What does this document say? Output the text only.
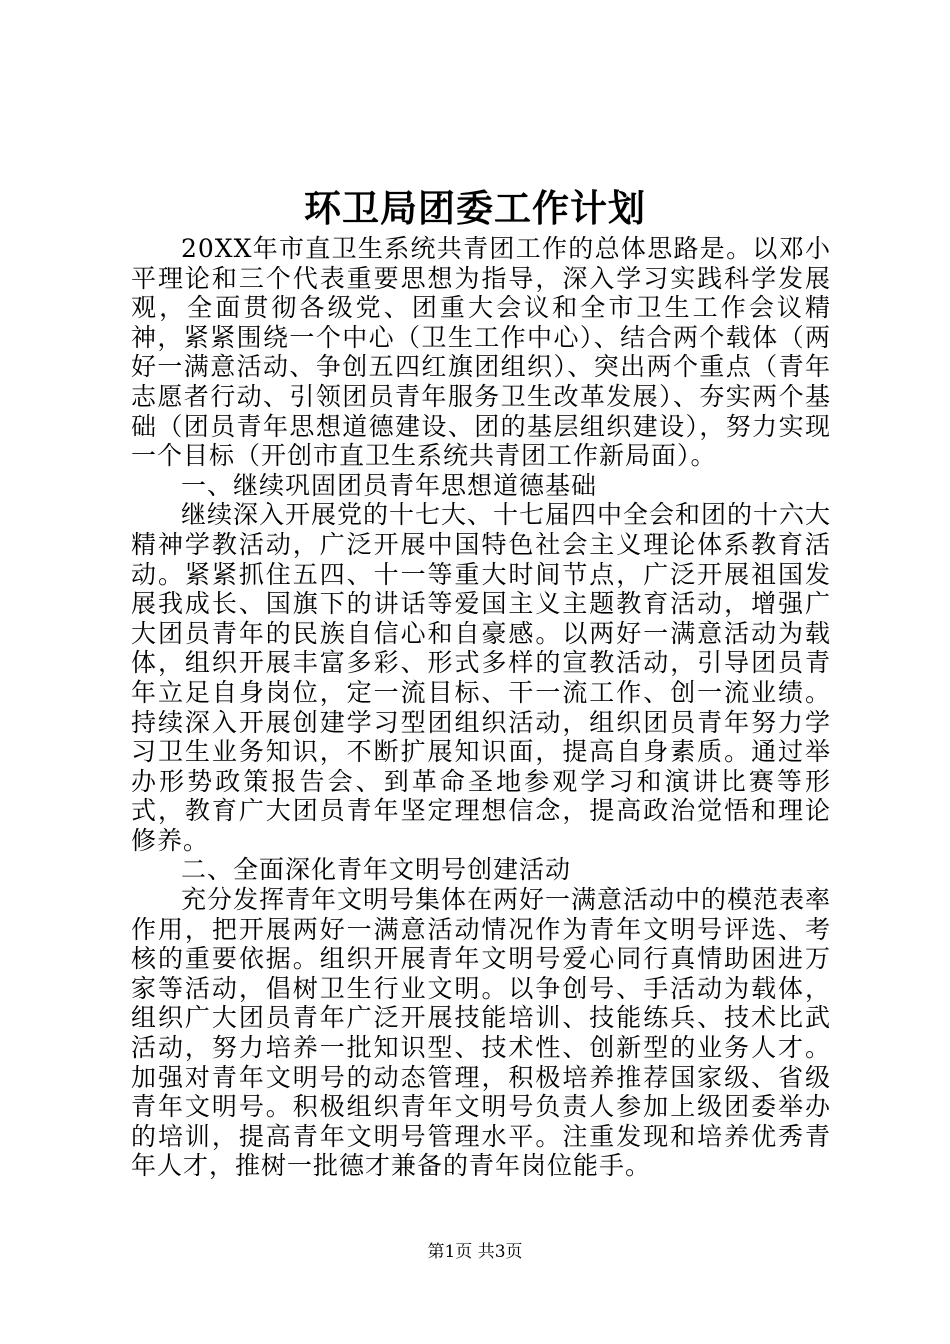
环卫局团委工作计划

20XX年市直卫生系统共青团工作的总体思路是。以邓小平理论和三个代表重要思想为指导，深入学习实践科学发展观，全面贯彻各级党、团重大会议和全市卫生工作会议精神，紧紧围绕一个中心（卫生工作中心）、结合两个载体（两好一满意活动、争创五四红旗团组织）、突出两个重点（青年志愿者行动、引领团员青年服务卫生改革发展）、夯实两个基础（团员青年思想道德建设、团的基层组织建设），努力实现一个目标（开创市直卫生系统共青团工作新局面）。

一、继续巩固团员青年思想道德基础

继续深入开展党的十七大、十七届四中全会和团的十六大精神学教活动，广泛开展中国特色社会主义理论体系教育活动。紧紧抓住五四、十一等重大时间节点，广泛开展祖国发展我成长、国旗下的讲话等爱国主义主题教育活动，增强广大团员青年的民族自信心和自豪感。以两好一满意活动为载体，组织开展丰富多彩、形式多样的宣教活动，引导团员青年立足自身岗位，定一流目标、干一流工作、创一流业绩。持续深入开展创建学习型团组织活动，组织团员青年努力学习卫生业务知识，不断扩展知识面，提高自身素质。通过举办形势政策报告会、到革命圣地参观学习和演讲比赛等形式，教育广大团员青年坚定理想信念，提高政治觉悟和理论修养。

二、全面深化青年文明号创建活动

充分发挥青年文明号集体在两好一满意活动中的模范表率作用，把开展两好一满意活动情况作为青年文明号评选、考核的重要依据。组织开展青年文明号爱心同行真情助困进万家等活动，倡树卫生行业文明。以争创号、手活动为载体，组织广大团员青年广泛开展技能培训、技能练兵、技术比武活动，努力培养一批知识型、技术性、创新型的业务人才。加强对青年文明号的动态管理，积极培养推荐国家级、省级青年文明号。积极组织青年文明号负责人参加上级团委举办的培训，提高青年文明号管理水平。注重发现和培养优秀青年人才，推树一批德才兼备的青年岗位能手。

第1页 共3页
